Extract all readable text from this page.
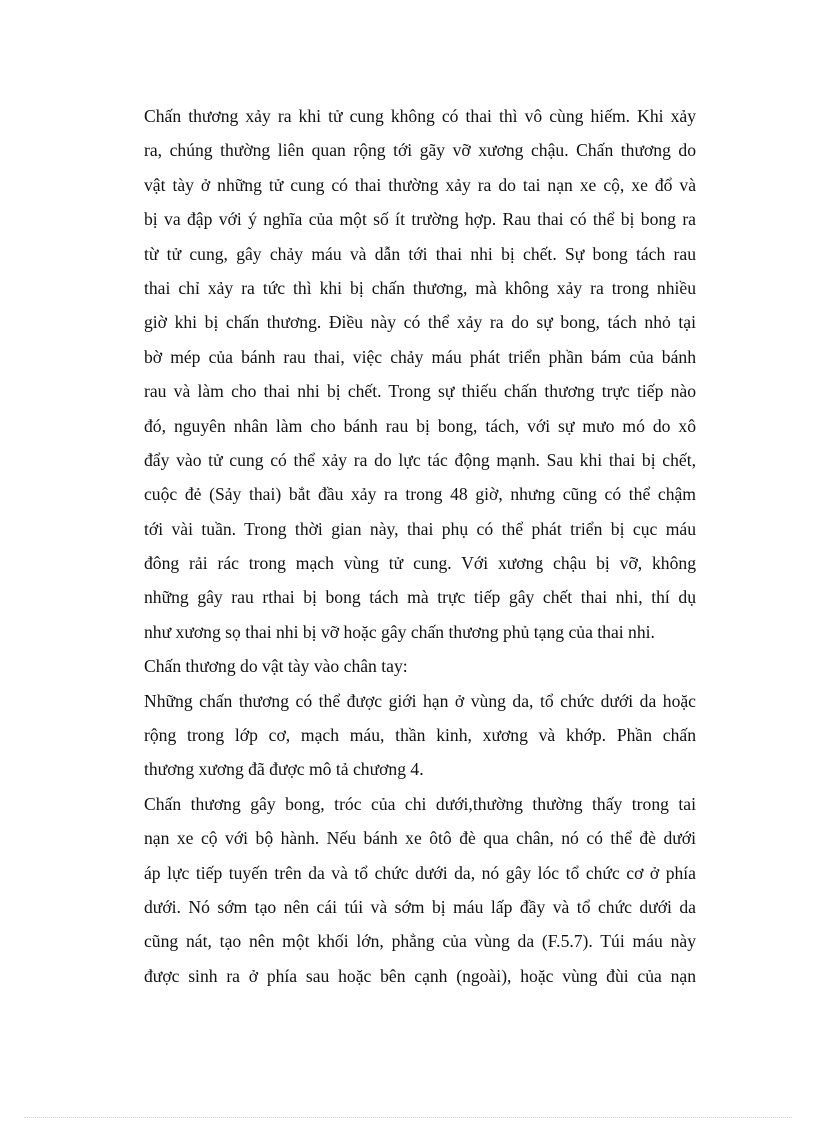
Chấn thương xảy ra khi tử cung không có thai thì vô cùng hiếm. Khi xảy
ra, chúng thường liên quan rộng tới gãy vỡ xương chậu. Chấn thương do
vật tày ở những tử cung có thai thường xảy ra do tai nạn xe cộ, xe đổ và
bị va đập với ý nghĩa của một số ít trường hợp. Rau thai có thể bị bong ra
từ tử cung, gây chảy máu và dẫn tới thai nhi bị chết. Sự bong tách rau
thai chỉ xảy ra tức thì khi bị chấn thương, mà không xảy ra trong nhiều
giờ khi bị chấn thương. Điều này có thể xảy ra do sự bong, tách nhỏ tại
bờ mép của bánh rau thai, việc chảy máu phát triển phần bám của bánh
rau và làm cho thai nhi bị chết. Trong sự thiếu chấn thương trực tiếp nào
đó, nguyên nhân làm cho bánh rau bị bong, tách, với sự mưo mó do xô
đẩy vào tử cung có thể xảy ra do lực tác động mạnh. Sau khi thai bị chết,
cuộc đẻ (Sảy thai) bắt đầu xảy ra trong 48 giờ, nhưng cũng có thể chậm
tới vài tuần. Trong thời gian này, thai phụ có thể phát triển bị cục máu
đông rải rác trong mạch vùng tử cung. Với xương chậu bị vỡ, không
những gây rau rthai bị bong tách mà trực tiếp gây chết thai nhi, thí dụ
như xương sọ thai nhi bị vỡ hoặc gây chấn thương phủ tạng của thai nhi.
Chấn thương do vật tày vào chân tay:
Những chấn thương có thể được giới hạn ở vùng da, tổ chức dưới da hoặc
rộng trong lớp cơ, mạch máu, thần kinh, xương và khớp. Phần chấn
thương xương đã được mô tả chương 4.
Chấn thương gây bong, tróc của chi dưới,thường thường thấy trong tai
nạn xe cộ với bộ hành. Nếu bánh xe ôtô đè qua chân, nó có thể đè dưới
áp lực tiếp tuyến trên da và tổ chức dưới da, nó gây lóc tổ chức cơ ở phía
dưới. Nó sớm tạo nên cái túi và sớm bị máu lấp đầy và tổ chức dưới da
cũng nát, tạo nên một khối lớn, phẳng của vùng da (F.5.7). Túi máu này
được sinh ra ở phía sau hoặc bên cạnh (ngoài), hoặc vùng đùi của nạn
